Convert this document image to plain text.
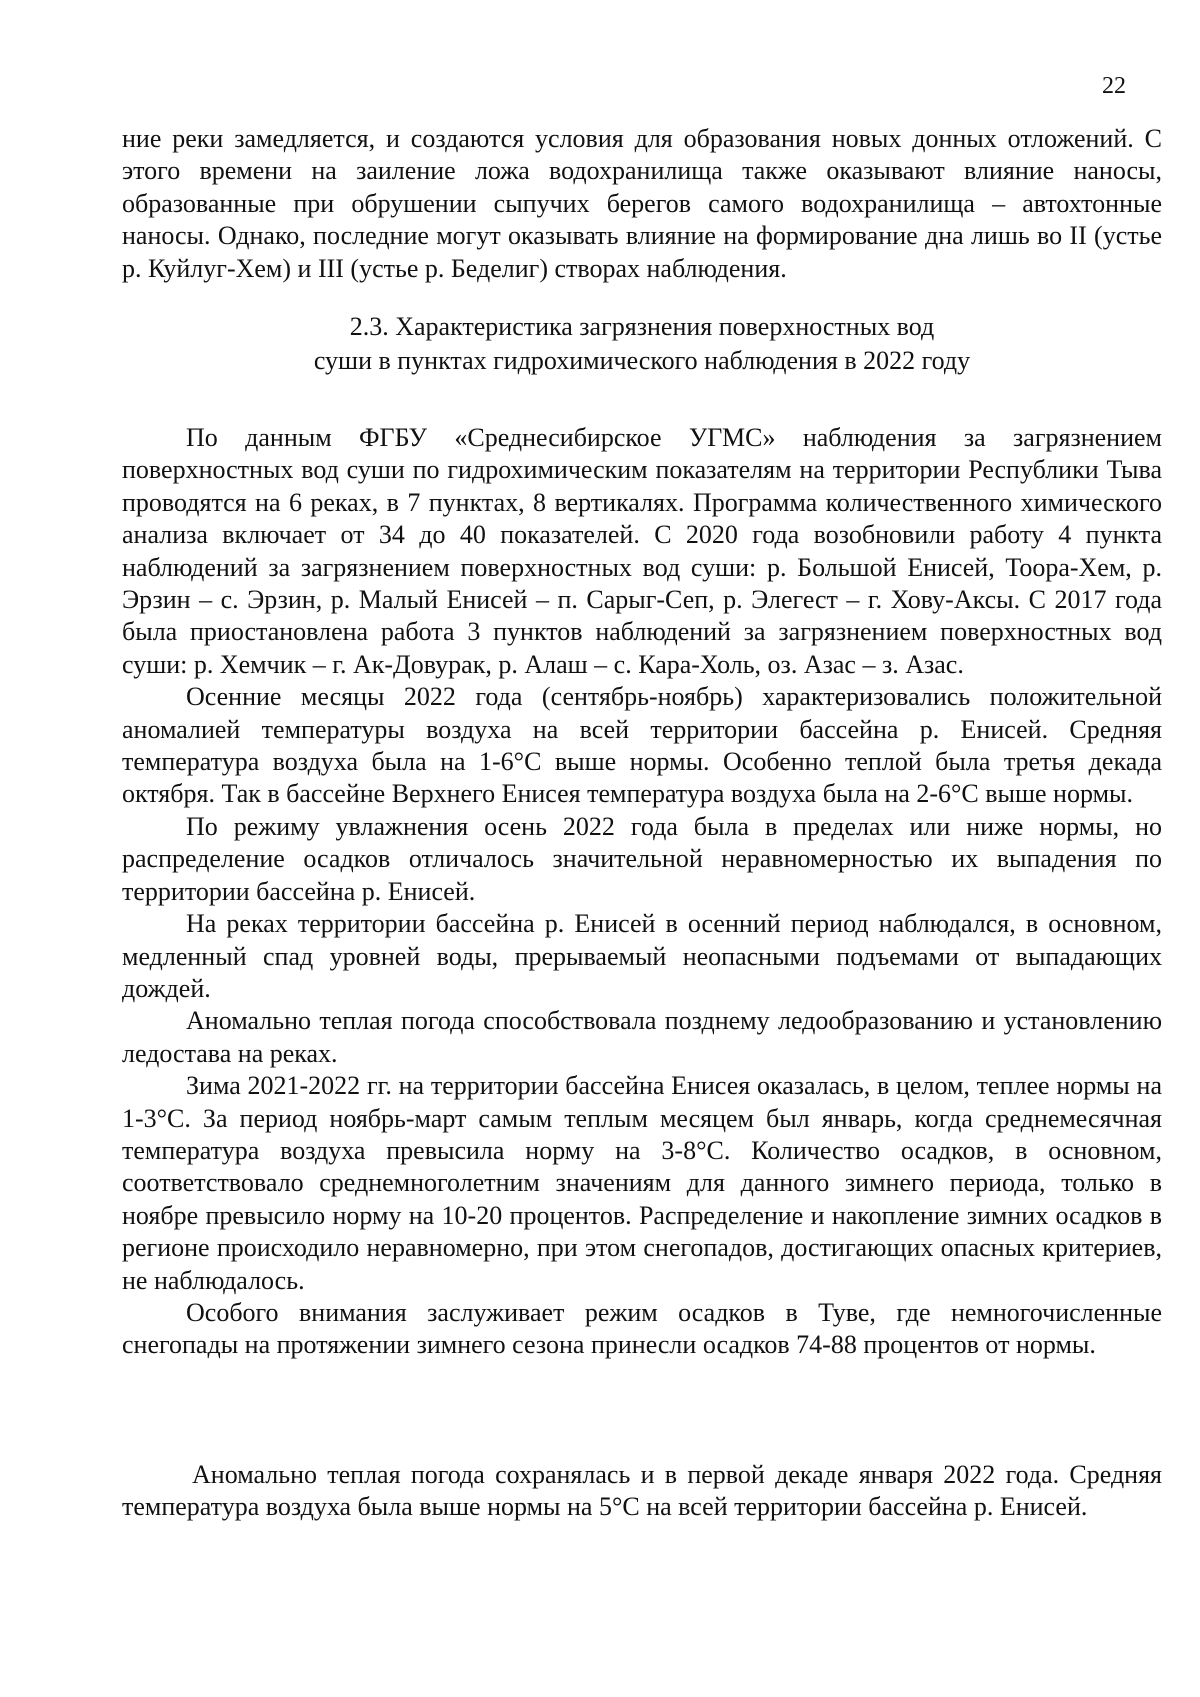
22

ние реки замедляется, и создаются условия для образования новых донных отложений. С этого времени на заиление ложа водохранилища также оказывают влияние наносы, образованные при обрушении сыпучих берегов самого водохранилища – автохтонные наносы. Однако, последние могут оказывать влияние на формирование дна лишь во II (устье р. Куйлуг-Хем) и III (устье р. Беделиг) створах наблюдения.

2.3. Характеристика загрязнения поверхностных вод
суши в пунктах гидрохимического наблюдения в 2022 году

По данным ФГБУ «Среднесибирское УГМС» наблюдения за загрязнением поверхностных вод суши по гидрохимическим показателям на территории Республики Тыва проводятся на 6 реках, в 7 пунктах, 8 вертикалях. Программа количественного химического анализа включает от 34 до 40 показателей. С 2020 года возобновили работу 4 пункта наблюдений за загрязнением поверхностных вод суши: р. Большой Енисей, Тоора-Хем, р. Эрзин – с. Эрзин, р. Малый Енисей – п. Сарыг-Сеп, р. Элегест – г. Хову-Аксы. С 2017 года была приостановлена работа 3 пунктов наблюдений за загрязнением поверхностных вод суши: р. Хемчик – г. Ак-Довурак, р. Алаш – с. Кара-Холь, оз. Азас – з. Азас.

Осенние месяцы 2022 года (сентябрь-ноябрь) характеризовались положительной аномалией температуры воздуха на всей территории бассейна р. Енисей. Средняя температура воздуха была на 1-6°С выше нормы. Особенно теплой была третья декада октября. Так в бассейне Верхнего Енисея температура воздуха была на 2-6°С выше нормы.

По режиму увлажнения осень 2022 года была в пределах или ниже нормы, но распределение осадков отличалось значительной неравномерностью их выпадения по территории бассейна р. Енисей.

На реках территории бассейна р. Енисей в осенний период наблюдался, в основном, медленный спад уровней воды, прерываемый неопасными подъемами от выпадающих дождей.

Аномально теплая погода способствовала позднему ледообразованию и установлению ледостава на реках.

Зима 2021-2022 гг. на территории бассейна Енисея оказалась, в целом, теплее нормы на 1-3°С. За период ноябрь-март самым теплым месяцем был январь, когда среднемесячная температура воздуха превысила норму на 3-8°С. Количество осадков, в основном, соответствовало среднемноголетним значениям для данного зимнего периода, только в ноябре превысило норму на 10-20 процентов. Распределение и накопление зимних осадков в регионе происходило неравномерно, при этом снегопадов, достигающих опасных критериев, не наблюдалось.

Особого внимания заслуживает режим осадков в Туве, где немногочисленные снегопады на протяжении зимнего сезона принесли осадков 74-88 процентов от нормы.

Аномально теплая погода сохранялась и в первой декаде января 2022 года. Средняя температура воздуха была выше нормы на 5°С на всей территории бассейна р. Енисей.
